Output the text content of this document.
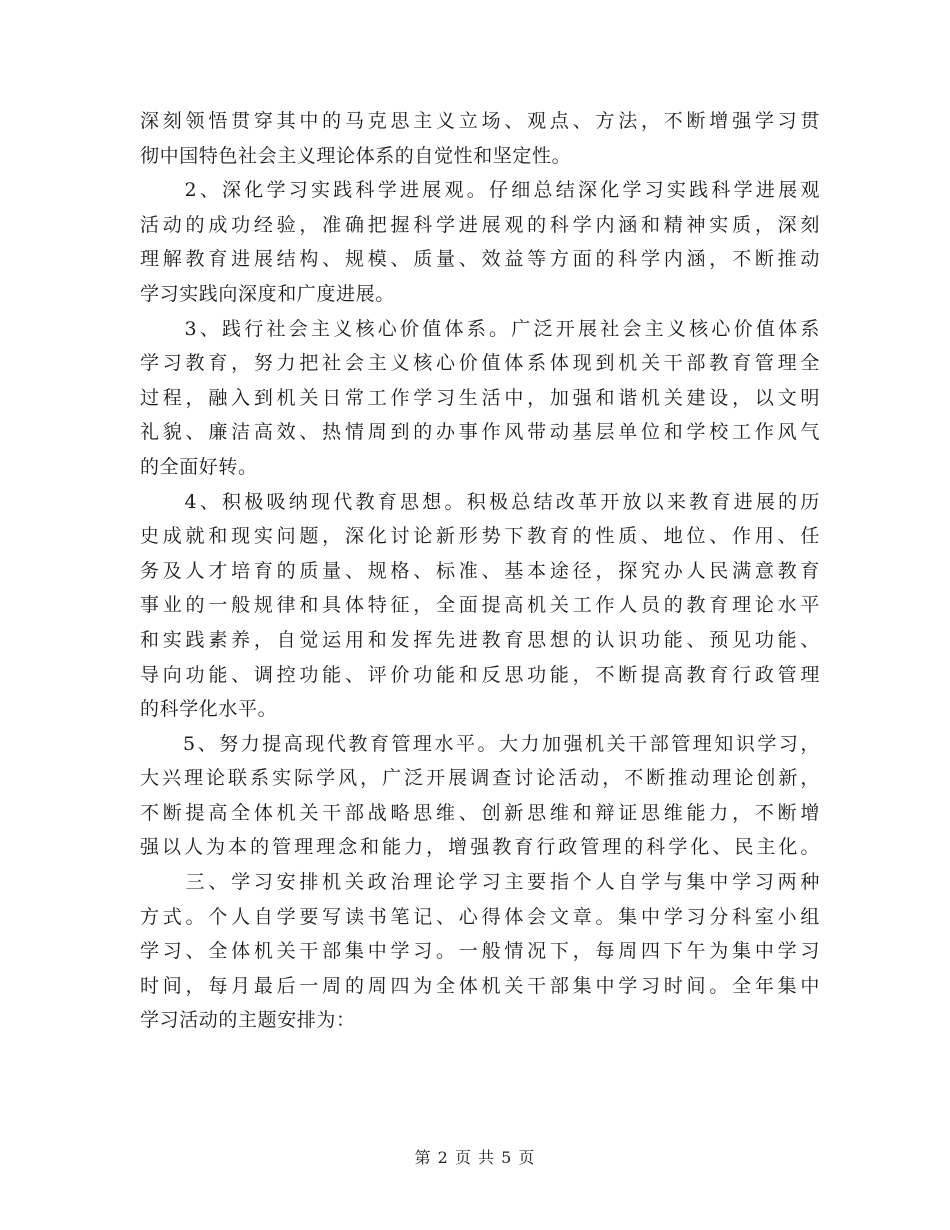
深刻领悟贯穿其中的马克思主义立场、观点、方法，不断增强学习贯
彻中国特色社会主义理论体系的自觉性和坚定性。
　　2、深化学习实践科学进展观。仔细总结深化学习实践科学进展观
活动的成功经验，准确把握科学进展观的科学内涵和精神实质，深刻
理解教育进展结构、规模、质量、效益等方面的科学内涵，不断推动
学习实践向深度和广度进展。
　　3、践行社会主义核心价值体系。广泛开展社会主义核心价值体系
学习教育，努力把社会主义核心价值体系体现到机关干部教育管理全
过程，融入到机关日常工作学习生活中，加强和谐机关建设，以文明
礼貌、廉洁高效、热情周到的办事作风带动基层单位和学校工作风气
的全面好转。
　　4、积极吸纳现代教育思想。积极总结改革开放以来教育进展的历
史成就和现实问题，深化讨论新形势下教育的性质、地位、作用、任
务及人才培育的质量、规格、标准、基本途径，探究办人民满意教育
事业的一般规律和具体特征，全面提高机关工作人员的教育理论水平
和实践素养，自觉运用和发挥先进教育思想的认识功能、预见功能、
导向功能、调控功能、评价功能和反思功能，不断提高教育行政管理
的科学化水平。
　　5、努力提高现代教育管理水平。大力加强机关干部管理知识学习，
大兴理论联系实际学风，广泛开展调查讨论活动，不断推动理论创新，
不断提高全体机关干部战略思维、创新思维和辩证思维能力，不断增
强以人为本的管理理念和能力，增强教育行政管理的科学化、民主化。
　　三、学习安排机关政治理论学习主要指个人自学与集中学习两种
方式。个人自学要写读书笔记、心得体会文章。集中学习分科室小组
学习、全体机关干部集中学习。一般情况下，每周四下午为集中学习
时间，每月最后一周的周四为全体机关干部集中学习时间。全年集中
学习活动的主题安排为：
第 2 页 共 5 页
